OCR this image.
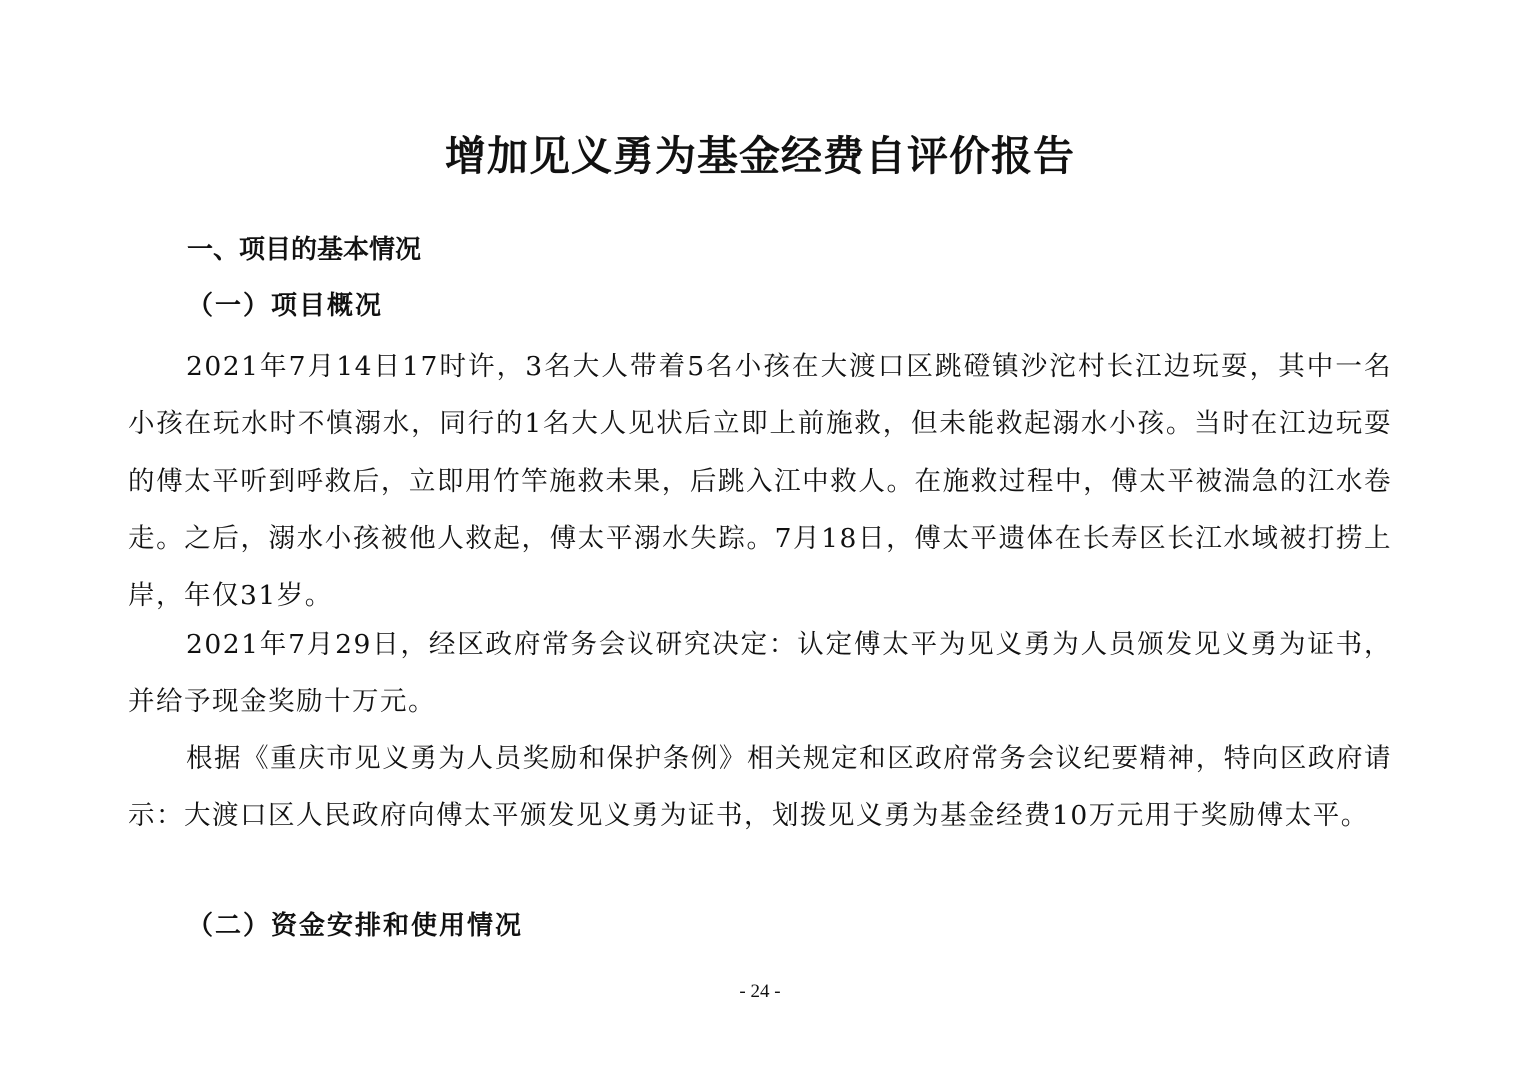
增加见义勇为基金经费自评价报告
一、项目的基本情况
（一）项目概况

2021年7月14日17时许，3名大人带着5名小孩在大渡口区跳磴镇沙沱村长江边玩耍，其中一名小孩在玩水时不慎溺水，同行的1名大人见状后立即上前施救，但未能救起溺水小孩。当时在江边玩耍的傅太平听到呼救后，立即用竹竿施救未果，后跳入江中救人。在施救过程中，傅太平被湍急的江水卷走。之后，溺水小孩被他人救起，傅太平溺水失踪。7月18日，傅太平遗体在长寿区长江水域被打捞上岸，年仅31岁。

2021年7月29日，经区政府常务会议研究决定：认定傅太平为见义勇为人员颁发见义勇为证书，并给予现金奖励十万元。

根据《重庆市见义勇为人员奖励和保护条例》相关规定和区政府常务会议纪要精神，特向区政府请示：大渡口区人民政府向傅太平颁发见义勇为证书，划拨见义勇为基金经费10万元用于奖励傅太平。

（二）资金安排和使用情况
- 24 -
